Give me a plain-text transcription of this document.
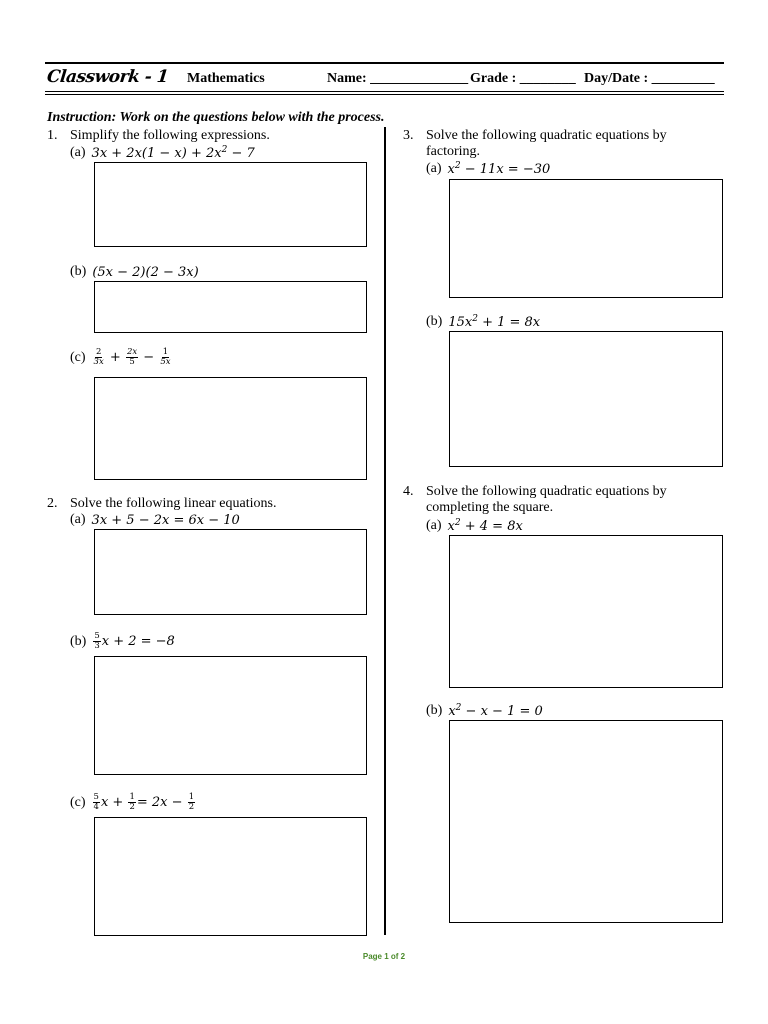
Classwork - 1 Mathematics	Name: ______________ Grade : ________ Day/Date : _________
Instruction: Work on the questions below with the process.
1. Simplify the following expressions.
(a) $3x + 2x(1 - x) + 2x^2 - 7$
(b) (5x − 2)(2 − 3x)
$(c) \frac{2}{3x} + \frac{2x}{5} - \frac{1}{5x}$
2. Solve the following linear equations.
(a) 3x + 5 − 2x = 6x − 10
$(b) \frac{5}{3}$ x + 2 = −8
$(c) \frac{5}{4}$ $x + \frac{1}{2} = 2x - \frac{1}{2}$
3. Solve the following quadratic equations by
factoring.
(a) $x^2 - 11x = -30$
(b) $15x^2 + 1 = 8x$
4. Solve the following quadratic equations by
completing the square.
(a) $x^2 + 4 = 8x$
(b) $x^2 - x - 1 = 0$
Page 1 of 2
